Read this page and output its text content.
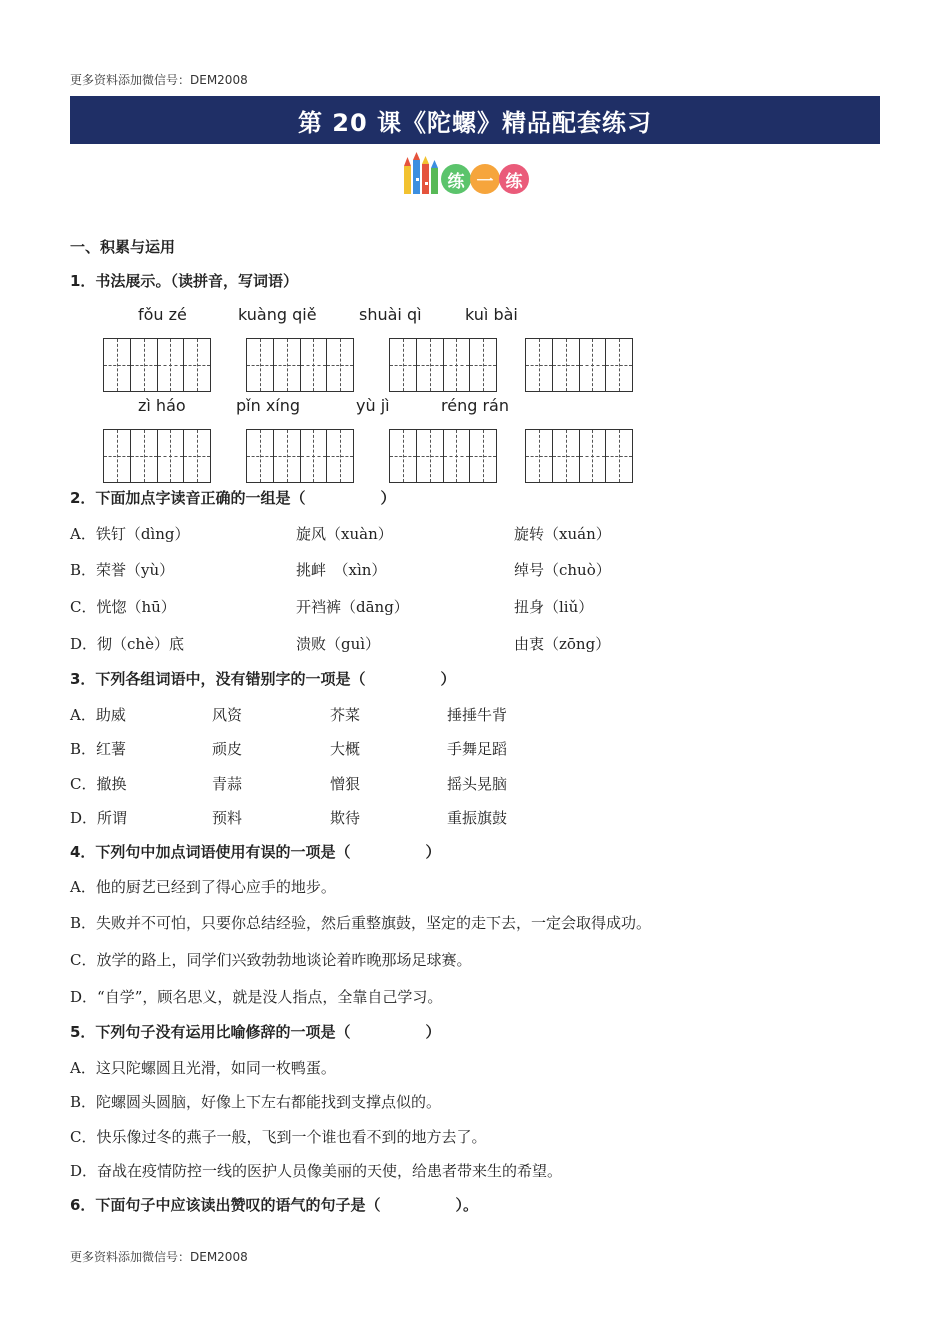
更多资料添加微信号：DEM2008
第 20 课《陀螺》精品配套练习
练 一 练
一、积累与运用
1．书法展示。（读拼音，写词语）
fǒu zé	kuàng qiě	shuài qì	kuì bài
zì háo	pǐn xíng	yù jì	réng rán
2．下面加点字读音正确的一组是（　　　　　）
A．铁钉（dìng）	旋风（xuàn）	旋转（xuán）
B．荣誉（yù）	挑衅　（xìn）	绰号（chuò）
C．恍惚（hū）	开裆裤（dāng）	扭身（liǔ）
D．彻（chè）底	溃败（guì）	由衷（zōng）
3．下列各组词语中，没有错别字的一项是（　　　　　）
A．助威	风资	芥菜	捶捶牛背
B．红薯	顽皮	大概	手舞足蹈
C．撤换	青蒜	憎狠	摇头晃脑
D．所谓	预料	欺待	重振旗鼓
4．下列句中加点词语使用有误的一项是（　　　　　）
A．他的厨艺已经到了得心应手的地步。
B．失败并不可怕，只要你总结经验，然后重整旗鼓，坚定的走下去，一定会取得成功。
C．放学的路上，同学们兴致勃勃地谈论着昨晚那场足球赛。
D．“自学”，顾名思义，就是没人指点，全靠自己学习。
5．下列句子没有运用比喻修辞的一项是（　　　　　）
A．这只陀螺圆且光滑，如同一枚鸭蛋。
B．陀螺圆头圆脑，好像上下左右都能找到支撑点似的。
C．快乐像过冬的燕子一般，飞到一个谁也看不到的地方去了。
D．奋战在疫情防控一线的医护人员像美丽的天使，给患者带来生的希望。
6．下面句子中应该读出赞叹的语气的句子是（　　　　　）。
更多资料添加微信号：DEM2008
